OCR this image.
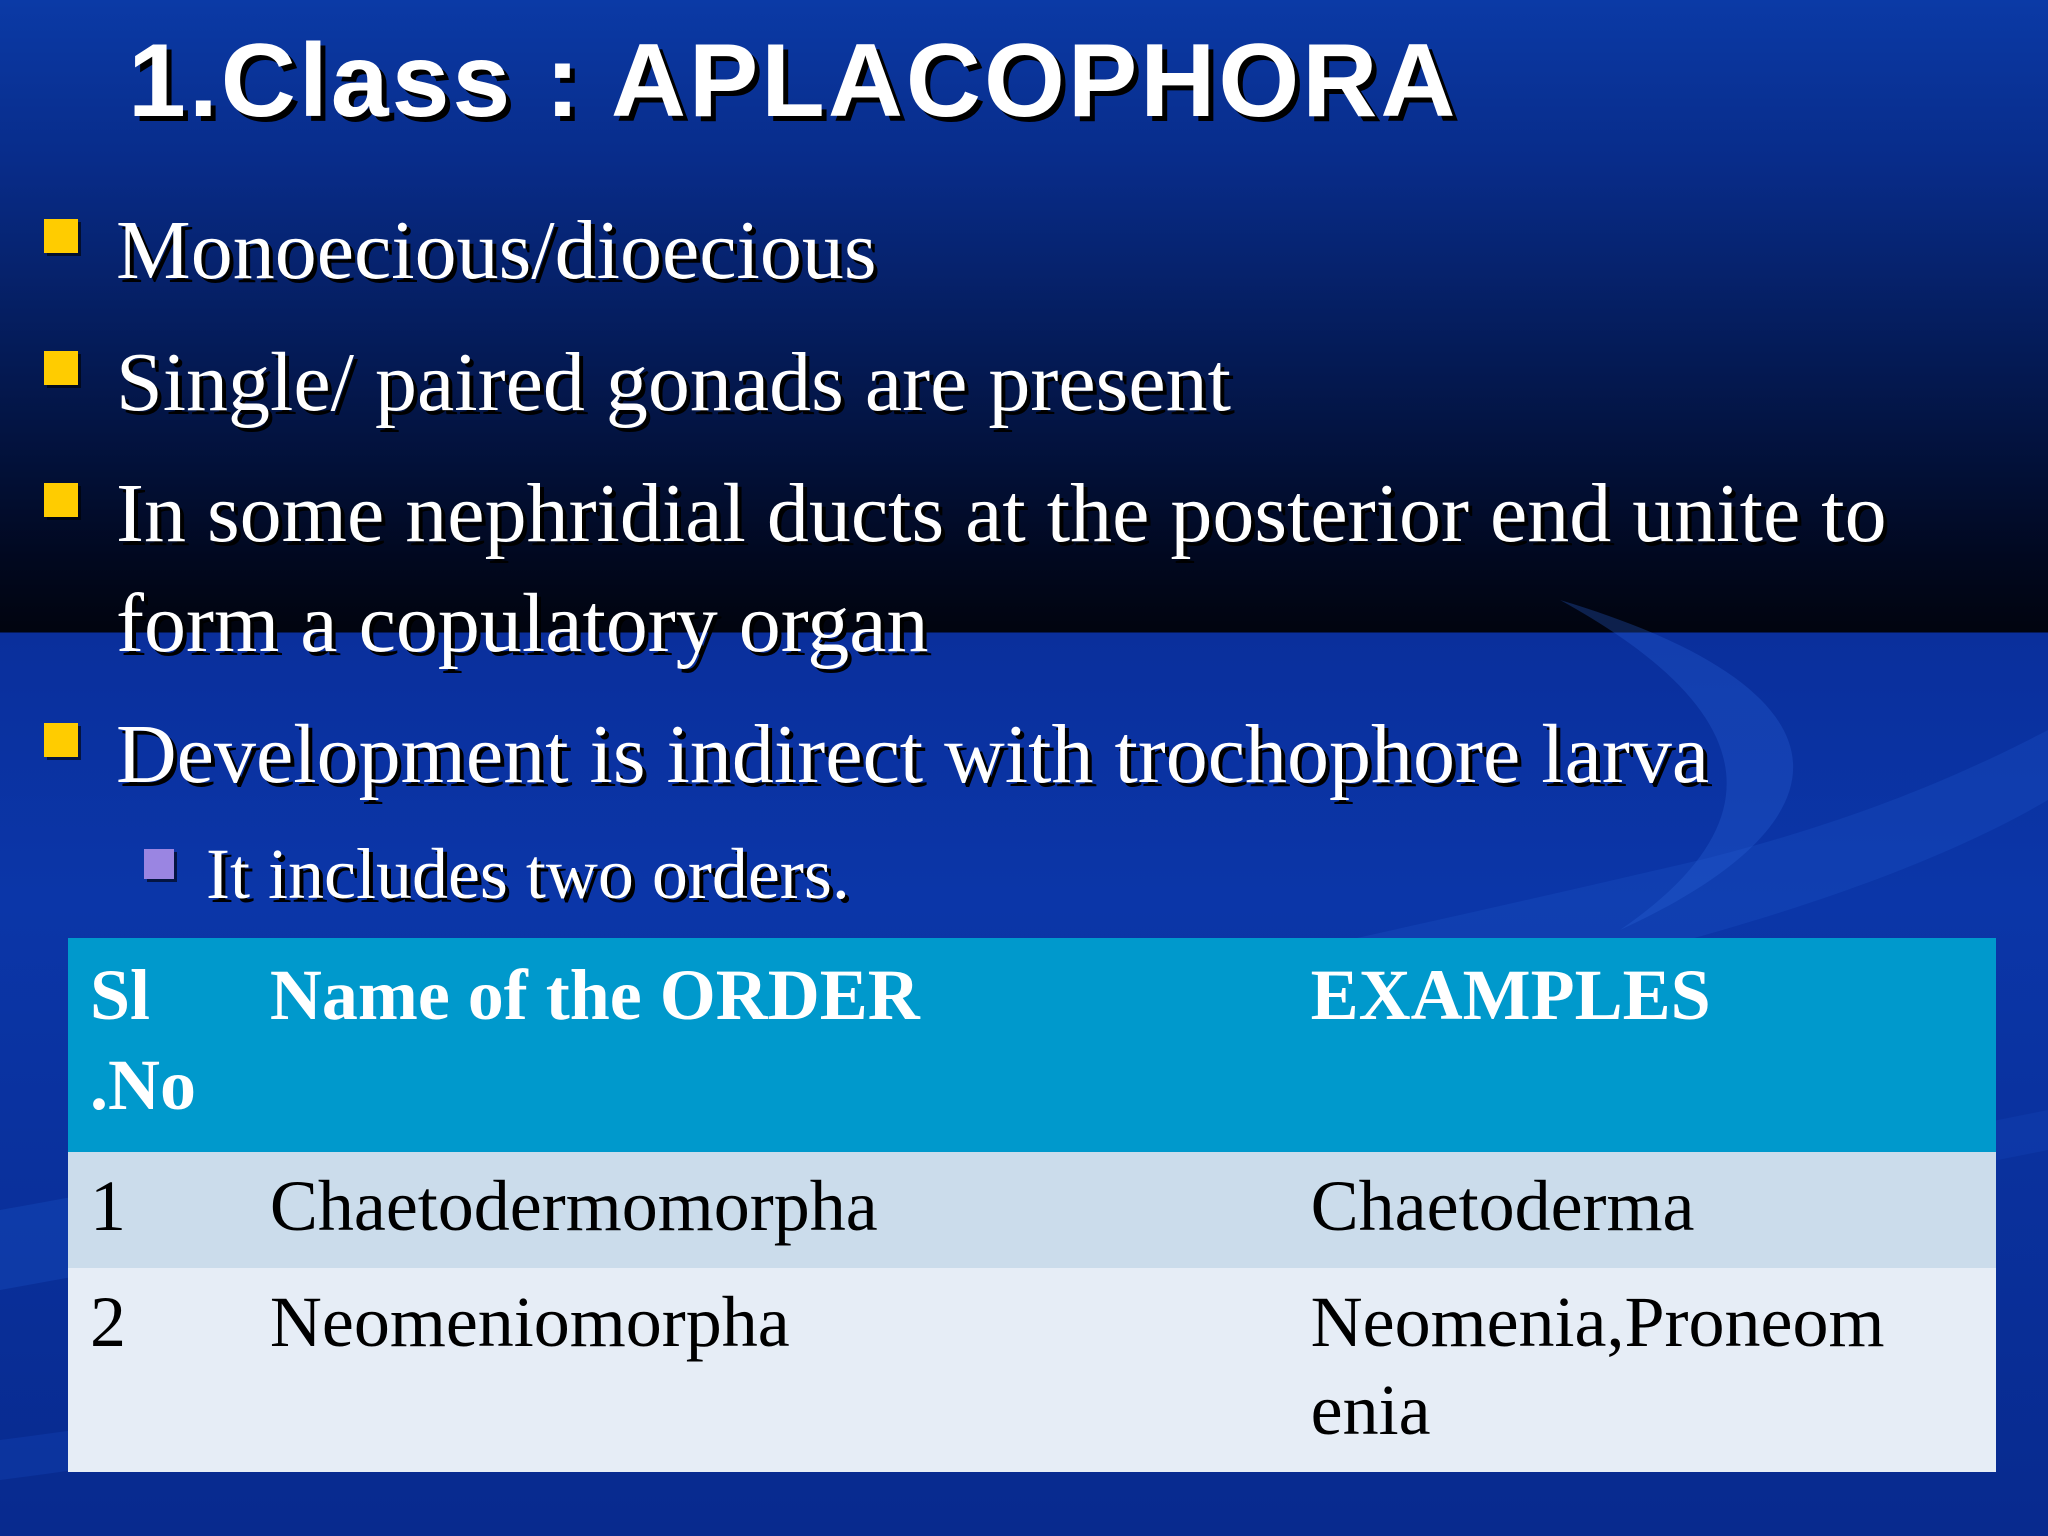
1.Class : APLACOPHORA
Monoecious/dioecious
Single/ paired gonads are present
In some nephridial ducts at the posterior end unite to form a copulatory organ
Development is indirect with trochophore larva
It includes two orders.
Sl
.No	Name of the ORDER	EXAMPLES
1	Chaetodermomorpha	Chaetoderma
2	Neomeniomorpha	Neomenia,Proneom
enia
